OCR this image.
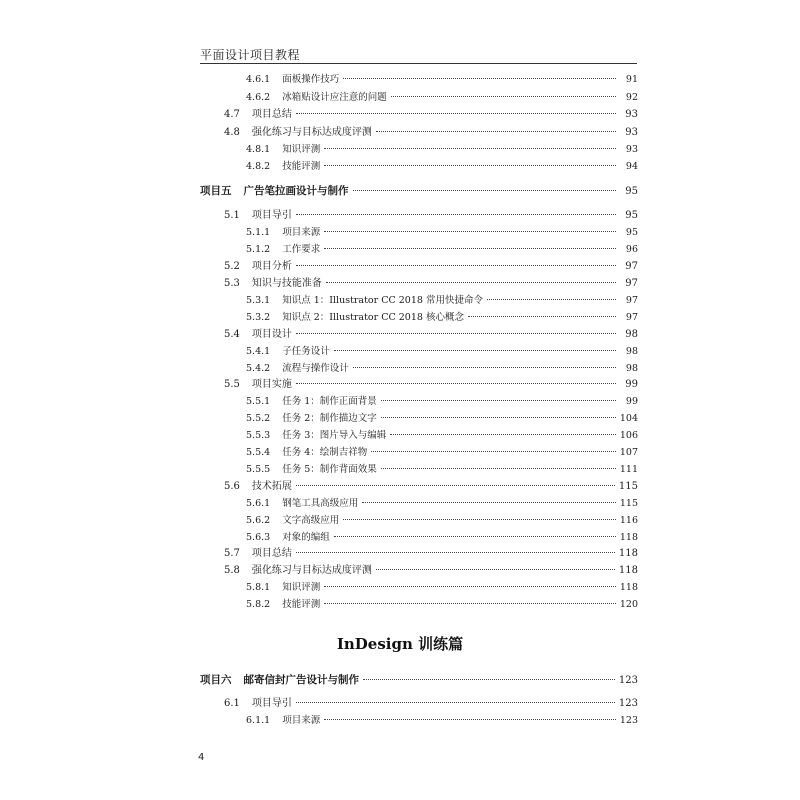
平面设计项目教程
4.6.1 面板操作技巧	91
4.6.2 冰箱贴设计应注意的问题	92
4.7 项目总结	93
4.8 强化练习与目标达成度评测	93
4.8.1 知识评测	93
4.8.2 技能评测	94
项目五 广告笔拉画设计与制作	95
5.1 项目导引	95
5.1.1 项目来源	95
5.1.2 工作要求	96
5.2 项目分析	97
5.3 知识与技能准备	97
5.3.1 知识点 1：Illustrator CC 2018 常用快捷命令	97
5.3.2 知识点 2：Illustrator CC 2018 核心概念	97
5.4 项目设计	98
5.4.1 子任务设计	98
5.4.2 流程与操作设计	98
5.5 项目实施	99
5.5.1 任务 1：制作正面背景	99
5.5.2 任务 2：制作描边文字	104
5.5.3 任务 3：图片导入与编辑	106
5.5.4 任务 4：绘制吉祥物	107
5.5.5 任务 5：制作背面效果	111
5.6 技术拓展	115
5.6.1 钢笔工具高级应用	115
5.6.2 文字高级应用	116
5.6.3 对象的编组	118
5.7 项目总结	118
5.8 强化练习与目标达成度评测	118
5.8.1 知识评测	118
5.8.2 技能评测	120
项目六 邮寄信封广告设计与制作	123
6.1 项目导引	123
6.1.1 项目来源	123
InDesign 训练篇
4
